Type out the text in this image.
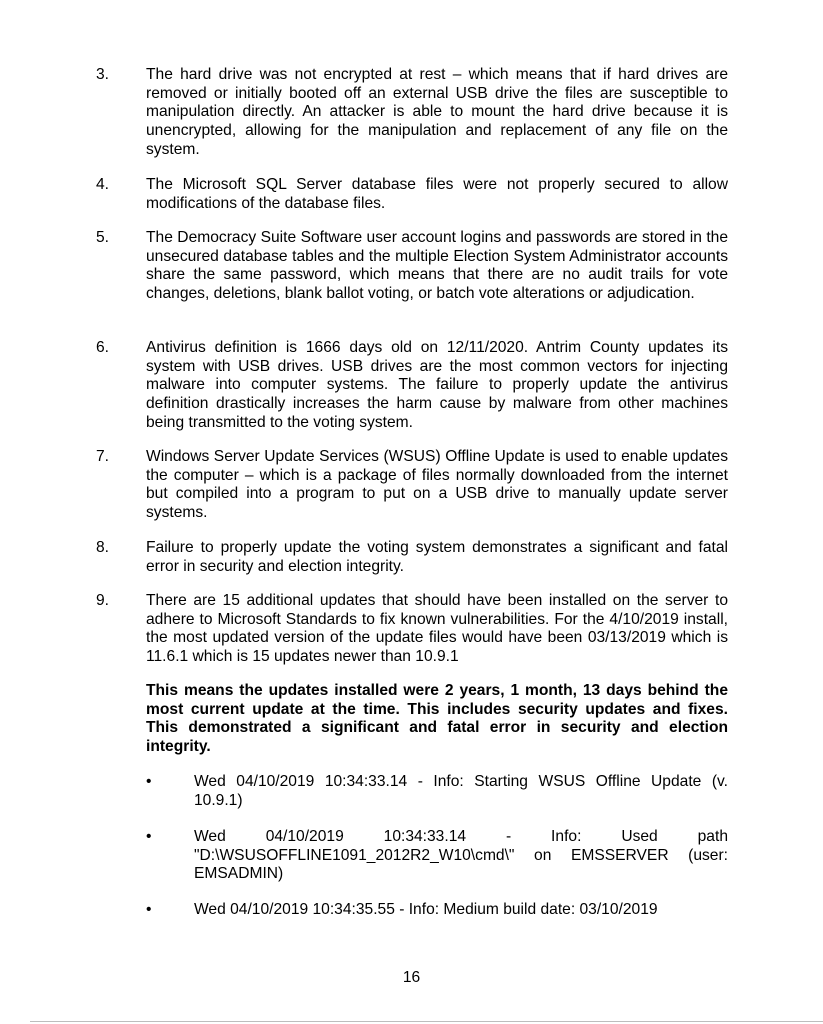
3.	The hard drive was not encrypted at rest – which means that if hard drives are removed or initially booted off an external USB drive the files are susceptible to manipulation directly. An attacker is able to mount the hard drive because it is unencrypted, allowing for the manipulation and replacement of any file on the system.
4.	The Microsoft SQL Server database files were not properly secured to allow modifications of the database files.
5.	The Democracy Suite Software user account logins and passwords are stored in the unsecured database tables and the multiple Election System Administrator accounts share the same password, which means that there are no audit trails for vote changes, deletions, blank ballot voting, or batch vote alterations or adjudication.
6.	Antivirus definition is 1666 days old on 12/11/2020. Antrim County updates its system with USB drives. USB drives are the most common vectors for injecting malware into computer systems. The failure to properly update the antivirus definition drastically increases the harm cause by malware from other machines being transmitted to the voting system.
7.	Windows Server Update Services (WSUS) Offline Update is used to enable updates the computer – which is a package of files normally downloaded from the internet but compiled into a program to put on a USB drive to manually update server systems.
8.	Failure to properly update the voting system demonstrates a significant and fatal error in security and election integrity.
9.	There are 15 additional updates that should have been installed on the server to adhere to Microsoft Standards to fix known vulnerabilities. For the 4/10/2019 install, the most updated version of the update files would have been 03/13/2019 which is 11.6.1 which is 15 updates newer than 10.9.1
This means the updates installed were 2 years, 1 month, 13 days behind the most current update at the time. This includes security updates and fixes. This demonstrated a significant and fatal error in security and election integrity.
•	Wed 04/10/2019 10:34:33.14 - Info: Starting WSUS Offline Update (v.
10.9.1)
•	Wed 04/10/2019 10:34:33.14 - Info: Used path
"D:\WSUSOFFLINE1091_2012R2_W10\cmd\" on EMSSERVER (user: EMSADMIN)
•	Wed 04/10/2019 10:34:35.55 - Info: Medium build date: 03/10/2019
16
